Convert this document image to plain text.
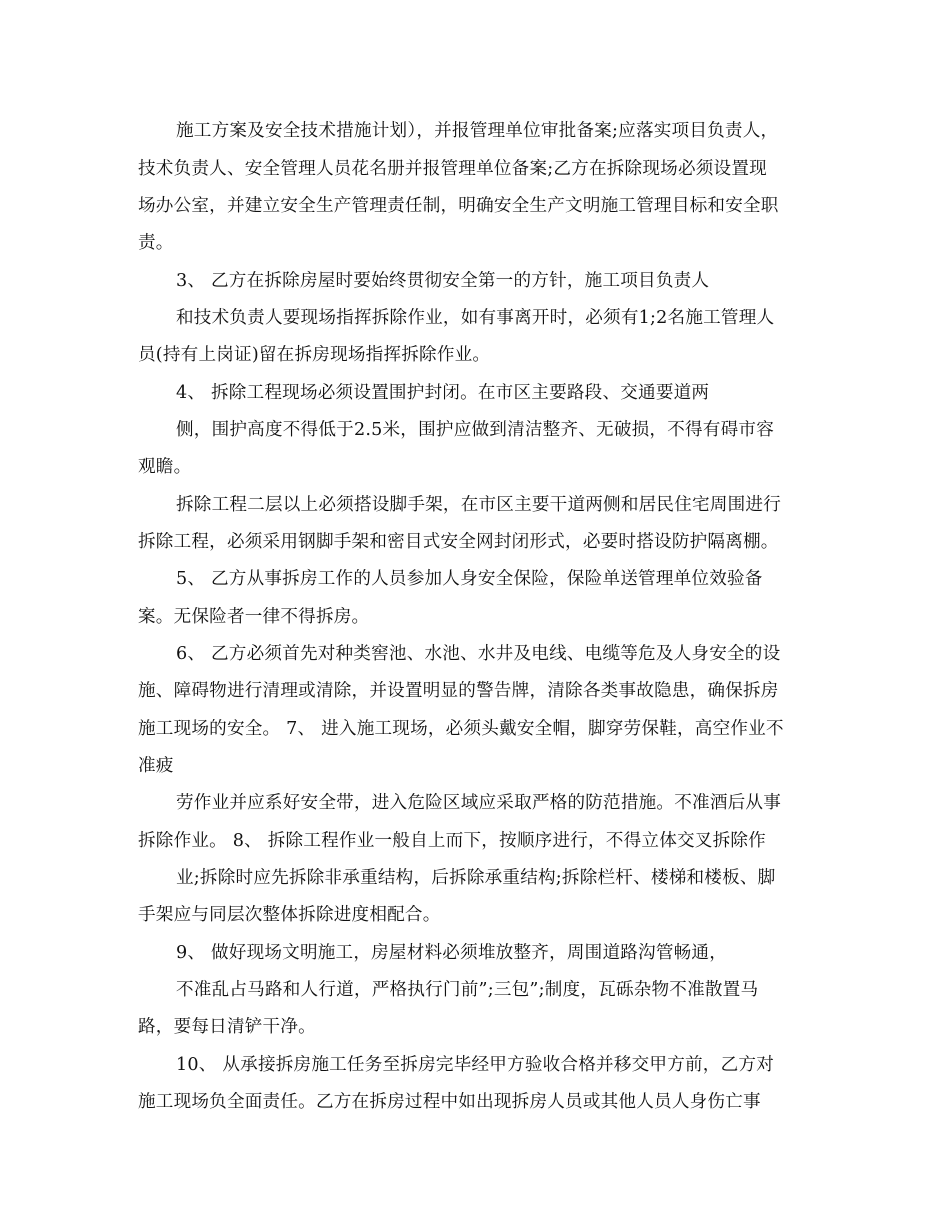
施工方案及安全技术措施计划），并报管理单位审批备案;应落实项目负责人，
技术负责人、安全管理人员花名册并报管理单位备案;乙方在拆除现场必须设置现
场办公室，并建立安全生产管理责任制，明确安全生产文明施工管理目标和安全职
责。
3、 乙方在拆除房屋时要始终贯彻安全第一的方针，施工项目负责人
和技术负责人要现场指挥拆除作业，如有事离开时，必须有1;2名施工管理人
员(持有上岗证)留在拆房现场指挥拆除作业。
4、 拆除工程现场必须设置围护封闭。在市区主要路段、交通要道两
侧，围护高度不得低于2.5米，围护应做到清洁整齐、无破损，不得有碍市容
观瞻。
拆除工程二层以上必须搭设脚手架，在市区主要干道两侧和居民住宅周围进行
拆除工程，必须采用钢脚手架和密目式安全网封闭形式，必要时搭设防护隔离棚。
5、 乙方从事拆房工作的人员参加人身安全保险，保险单送管理单位效验备
案。无保险者一律不得拆房。
6、 乙方必须首先对种类窖池、水池、水井及电线、电缆等危及人身安全的设
施、障碍物进行清理或清除，并设置明显的警告牌，清除各类事故隐患，确保拆房
施工现场的安全。 7、 进入施工现场，必须头戴安全帽，脚穿劳保鞋，高空作业不
准疲
劳作业并应系好安全带，进入危险区域应采取严格的防范措施。不准酒后从事
拆除作业。 8、 拆除工程作业一般自上而下，按顺序进行，不得立体交叉拆除作
业;拆除时应先拆除非承重结构，后拆除承重结构;拆除栏杆、楼梯和楼板、脚
手架应与同层次整体拆除进度相配合。
9、 做好现场文明施工，房屋材料必须堆放整齐，周围道路沟管畅通，
不准乱占马路和人行道，严格执行门前”;三包”;制度，瓦砾杂物不准散置马
路，要每日清铲干净。
10、 从承接拆房施工任务至拆房完毕经甲方验收合格并移交甲方前，乙方对
施工现场负全面责任。乙方在拆房过程中如出现拆房人员或其他人员人身伤亡事
